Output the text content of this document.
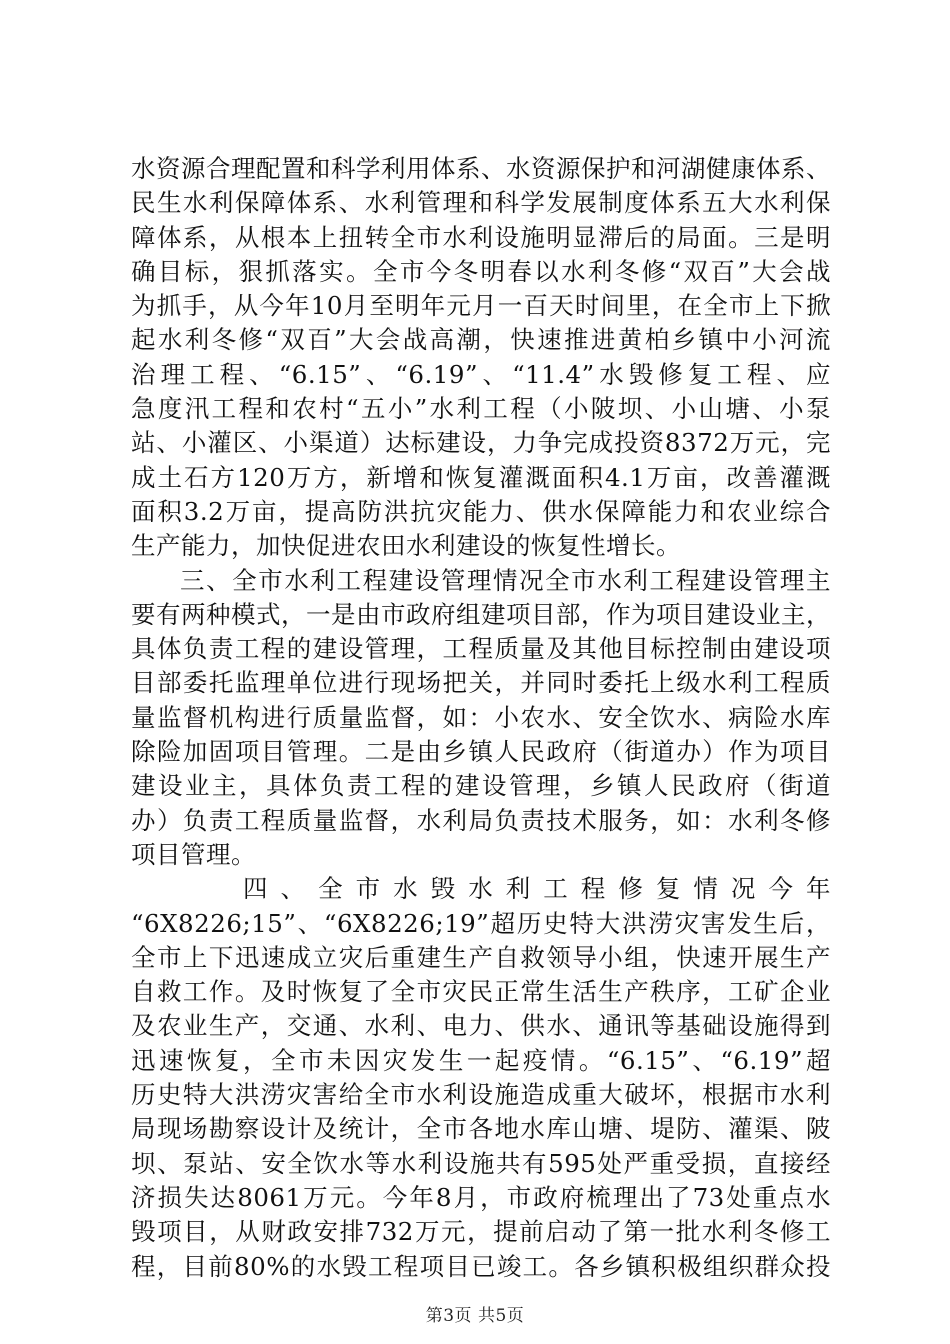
水资源合理配置和科学利用体系、水资源保护和河湖健康体系、
民生水利保障体系、水利管理和科学发展制度体系五大水利保
障体系，从根本上扭转全市水利设施明显滞后的局面。三是明
确目标，狠抓落实。全市今冬明春以水利冬修“双百”大会战
为抓手，从今年10月至明年元月一百天时间里，在全市上下掀
起水利冬修“双百”大会战高潮，快速推进黄柏乡镇中小河流
治理工程、“6.15”、“6.19”、“11.4”水毁修复工程、应
急度汛工程和农村“五小”水利工程（小陂坝、小山塘、小泵
站、小灌区、小渠道）达标建设，力争完成投资8372万元，完
成土石方120万方，新增和恢复灌溉面积4.1万亩，改善灌溉
面积3.2万亩，提高防洪抗灾能力、供水保障能力和农业综合
生产能力，加快促进农田水利建设的恢复性增长。
三、全市水利工程建设管理情况全市水利工程建设管理主
要有两种模式，一是由市政府组建项目部，作为项目建设业主，
具体负责工程的建设管理，工程质量及其他目标控制由建设项
目部委托监理单位进行现场把关，并同时委托上级水利工程质
量监督机构进行质量监督，如：小农水、安全饮水、病险水库
除险加固项目管理。二是由乡镇人民政府（街道办）作为项目
建设业主，具体负责工程的建设管理，乡镇人民政府（街道
办）负责工程质量监督，水利局负责技术服务，如：水利冬修
项目管理。
四、全市水毁水利工程修复情况今年
“6X8226;15”、“6X8226;19”超历史特大洪涝灾害发生后，
全市上下迅速成立灾后重建生产自救领导小组，快速开展生产
自救工作。及时恢复了全市灾民正常生活生产秩序，工矿企业
及农业生产，交通、水利、电力、供水、通讯等基础设施得到
迅速恢复，全市未因灾发生一起疫情。“6.15”、“6.19”超
历史特大洪涝灾害给全市水利设施造成重大破坏，根据市水利
局现场勘察设计及统计，全市各地水库山塘、堤防、灌渠、陂
坝、泵站、安全饮水等水利设施共有595处严重受损，直接经
济损失达8061万元。今年8月，市政府梳理出了73处重点水
毁项目，从财政安排732万元，提前启动了第一批水利冬修工
程，目前80%的水毁工程项目已竣工。各乡镇积极组织群众投
第3页 共5页
